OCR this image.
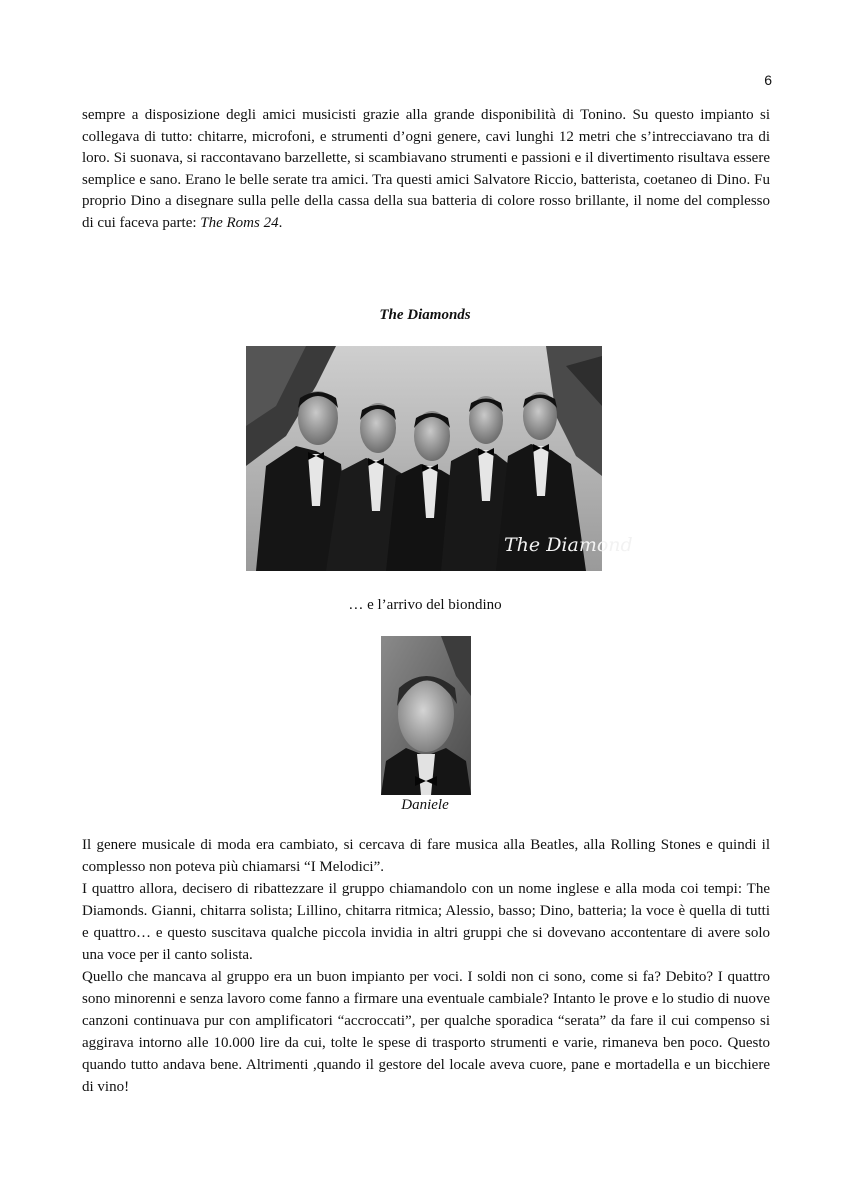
6

sempre a disposizione degli amici musicisti grazie alla grande disponibilità di Tonino. Su questo impianto si collegava di tutto: chitarre, microfoni, e strumenti d’ogni genere, cavi lunghi 12 metri che s’intrecciavano tra di loro. Si suonava, si raccontavano barzellette, si scambiavano strumenti e passioni e il divertimento risultava essere semplice e sano. Erano le belle serate tra amici. Tra questi amici Salvatore Riccio, batterista, coetaneo di Dino. Fu proprio Dino a disegnare sulla pelle della cassa della sua batteria di colore rosso brillante, il nome del complesso di cui faceva parte: The Roms 24.

The Diamonds
The Diamond
… e l’arrivo del biondino
Daniele
Il genere musicale di moda era cambiato, si cercava di fare musica alla Beatles, alla Rolling Stones e quindi il complesso non poteva più chiamarsi “I Melodici”.
I quattro allora, decisero di ribattezzare il gruppo chiamandolo con un nome inglese e alla moda coi tempi: The Diamonds. Gianni, chitarra solista; Lillino, chitarra ritmica; Alessio, basso; Dino, batteria; la voce è quella di tutti e quattro… e questo suscitava qualche piccola invidia in altri gruppi che si dovevano accontentare di avere solo una voce per il canto solista.
Quello che mancava al gruppo era un buon impianto per voci. I soldi non ci sono, come si fa? Debito? I quattro sono minorenni e senza lavoro come fanno a firmare una eventuale cambiale? Intanto le prove e lo studio di nuove canzoni continuava pur con amplificatori “accroccati”, per qualche sporadica “serata” da fare il cui compenso si aggirava intorno alle 10.000 lire da cui, tolte le spese di trasporto strumenti e varie, rimaneva ben poco. Questo quando tutto andava bene. Altrimenti ,quando il gestore del locale aveva cuore, pane e mortadella e un bicchiere di vino!
